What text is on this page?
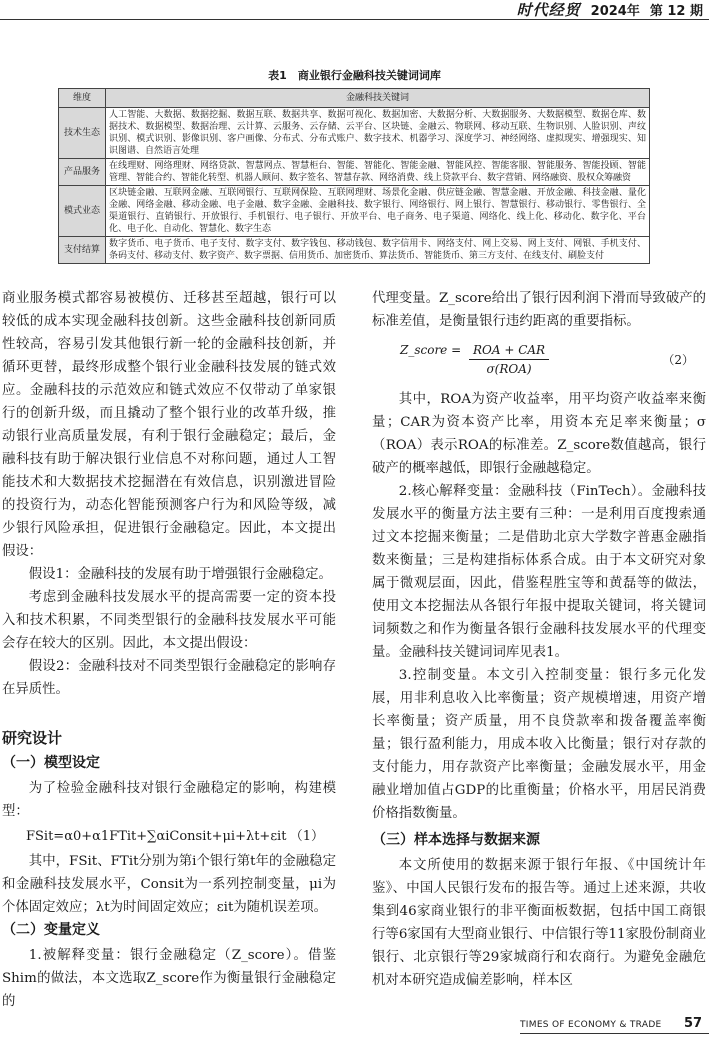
时代经贸 2024年 第 12 期
表1　商业银行金融科技关键词词库
维度	金融科技关键词
技术生态	人工智能、大数据、数据挖掘、数据互联、数据共享、数据可视化、数据加密、大数据分析、大数据服务、大数据模型、数据仓库、数据技术、数据模型、数据治理、云计算、云服务、云存储、云平台、区块链、金融云、物联网、移动互联、生物识别、人脸识别、声纹识别、模式识别、影像识别、客户画像、分布式、分布式账户、数字技术、机器学习、深度学习、神经网络、虚拟现实、增强现实、知识图谱、自然语言处理
产品服务	在线理财、网络理财、网络贷款、智慧网点、智慧柜台、智能、智能化、智能金融、智能风控、智能客服、智能服务、智能投顾、智能管理、智能合约、智能化转型、机器人顾问、数字签名、智慧存款、网络消费、线上贷款平台、数字营销、网络融资、股权众筹融资
模式业态	区块链金融、互联网金融、互联网银行、互联网保险、互联网理财、场景化金融、供应链金融、智慧金融、开放金融、科技金融、量化金融、网络金融、移动金融、电子金融、数字金融、金融科技、数字银行、网络银行、网上银行、智慧银行、移动银行、零售银行、全渠道银行、直销银行、开放银行、手机银行、电子银行、开放平台、电子商务、电子渠道、网络化、线上化、移动化、数字化、平台化、电子化、自动化、智慧化、数字生态
支付结算	数字货币、电子货币、电子支付、数字支付、数字钱包、移动钱包、数字信用卡、网络支付、网上交易、网上支付、网银、手机支付、条码支付、移动支付、数字资产、数字票据、信用货币、加密货币、算法货币、智能货币、第三方支付、在线支付、刷脸支付

商业服务模式都容易被模仿、迁移甚至超越，银行可以较低的成本实现金融科技创新。这些金融科技创新同质性较高，容易引发其他银行新一轮的金融科技创新，并循环更替，最终形成整个银行业金融科技发展的链式效应。金融科技的示范效应和链式效应不仅带动了单家银行的创新升级，而且撬动了整个银行业的改革升级，推动银行业高质量发展，有利于银行金融稳定；最后，金融科技有助于解决银行业信息不对称问题，通过人工智能技术和大数据技术挖掘潜在有效信息，识别激进冒险的投资行为，动态化智能预测客户行为和风险等级，减少银行风险承担，促进银行金融稳定。因此，本文提出假设：

假设1：金融科技的发展有助于增强银行金融稳定。

考虑到金融科技发展水平的提高需要一定的资本投入和技术积累，不同类型银行的金融科技发展水平可能会存在较大的区别。因此，本文提出假设：

假设2：金融科技对不同类型银行金融稳定的影响存在异质性。

研究设计
（一）模型设定

为了检验金融科技对银行金融稳定的影响，构建模型：

FSit=α0+α1FTit+∑αiConsit+μi+λt+εit （1）

其中，FSit、FTit分别为第i个银行第t年的金融稳定和金融科技发展水平，Consit为一系列控制变量，μi为个体固定效应；λt为时间固定效应；εit为随机误差项。

（二）变量定义

1.被解释变量：银行金融稳定（Z_score）。借鉴Shim的做法，本文选取Z_score作为衡量银行金融稳定的

代理变量。Z_score给出了银行因利润下滑而导致破产的标准差值，是衡量银行违约距离的重要指标。

Z_score = $\frac{\text{ROA + CAR}}{\text{σ(ROA)}}$	（2）

其中，ROA为资产收益率，用平均资产收益率来衡量；CAR为资本资产比率，用资本充足率来衡量；σ（ROA）表示ROA的标准差。Z_score数值越高，银行破产的概率越低，即银行金融越稳定。

2.核心解释变量：金融科技（FinTech）。金融科技发展水平的衡量方法主要有三种：一是利用百度搜索通过文本挖掘来衡量；二是借助北京大学数字普惠金融指数来衡量；三是构建指标体系合成。由于本文研究对象属于微观层面，因此，借鉴程胜宝等和黄磊等的做法，使用文本挖掘法从各银行年报中提取关键词，将关键词词频数之和作为衡量各银行金融科技发展水平的代理变量。金融科技关键词词库见表1。

3.控制变量。本文引入控制变量：银行多元化发展，用非利息收入比率衡量；资产规模增速，用资产增长率衡量；资产质量，用不良贷款率和拨备覆盖率衡量；银行盈利能力，用成本收入比衡量；银行对存款的支付能力，用存款资产比率衡量；金融发展水平，用金融业增加值占GDP的比重衡量；价格水平，用居民消费价格指数衡量。

（三）样本选择与数据来源

本文所使用的数据来源于银行年报、《中国统计年鉴》、中国人民银行发布的报告等。通过上述来源，共收集到46家商业银行的非平衡面板数据，包括中国工商银行等6家国有大型商业银行、中信银行等11家股份制商业银行、北京银行等29家城商行和农商行。为避免金融危机对本研究造成偏差影响，样本区

TIMES OF ECONOMY & TRADE 57
